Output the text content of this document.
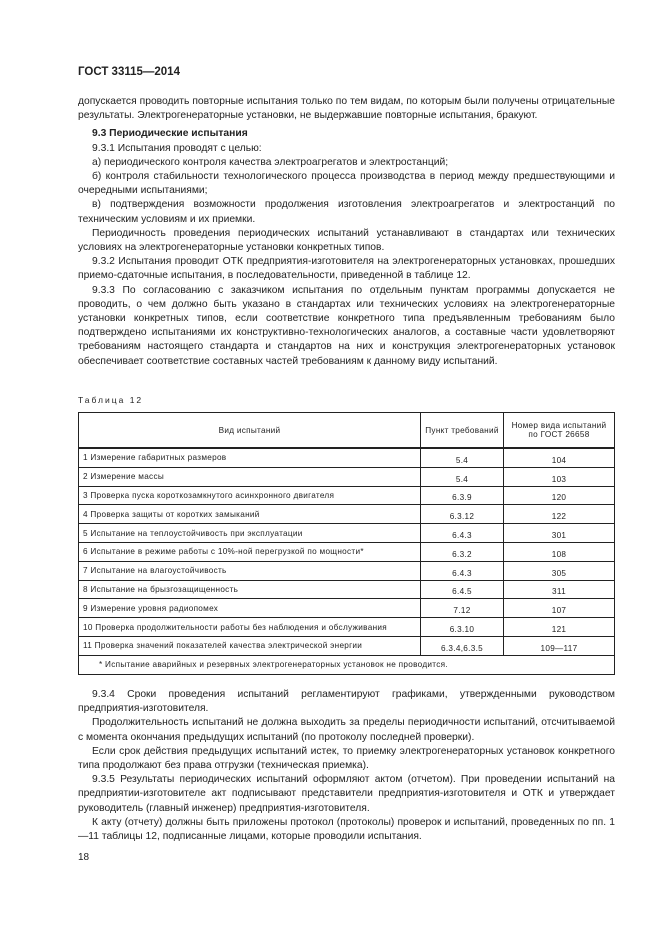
ГОСТ 33115—2014

допускается проводить повторные испытания только по тем видам, по которым были получены отрицательные результаты. Электрогенераторные установки, не выдержавшие повторные испытания, бракуют.

9.3 Периодические испытания

9.3.1 Испытания проводят с целью:

а) периодического контроля качества электроагрегатов и электростанций;

б) контроля стабильности технологического процесса производства в период между предшествующими и очередными испытаниями;

в) подтверждения возможности продолжения изготовления электроагрегатов и электростанций по техническим условиям и их приемки.

Периодичность проведения периодических испытаний устанавливают в стандартах или технических условиях на электрогенераторные установки конкретных типов.

9.3.2 Испытания проводит ОТК предприятия-изготовителя на электрогенераторных установках, прошедших приемо-сдаточные испытания, в последовательности, приведенной в таблице 12.

9.3.3 По согласованию с заказчиком испытания по отдельным пунктам программы допускается не проводить, о чем должно быть указано в стандартах или технических условиях на электрогенераторные установки конкретных типов, если соответствие конкретного типа предъявленным требованиям было подтверждено испытаниями их конструктивно-технологических аналогов, а составные части удовлетворяют требованиям настоящего стандарта и стандартов на них и конструкция электрогенераторных установок обеспечивает соответствие составных частей требованиям к данному виду испытаний.

Таблица 12
Вид испытаний	Пункт требований	Номер вида испытаний по ГОСТ 26658
1 Измерение габаритных размеров	5.4	104
2 Измерение массы	5.4	103
3 Проверка пуска короткозамкнутого асинхронного двигателя	6.3.9	120
4 Проверка защиты от коротких замыканий	6.3.12	122
5 Испытание на теплоустойчивость при эксплуатации	6.4.3	301
6 Испытание в режиме работы с 10%-ной перегрузкой по мощности*	6.3.2	108
7 Испытание на влагоустойчивость	6.4.3	305
8 Испытание на брызгозащищенность	6.4.5	311
9 Измерение уровня радиопомех	7.12	107
10 Проверка продолжительности работы без наблюдения и обслуживания	6.3.10	121
11 Проверка значений показателей качества электрической энергии	6.3.4,6.3.5	109—117
* Испытание аварийных и резервных электрогенераторных установок не проводится.		

9.3.4 Сроки проведения испытаний регламентируют графиками, утвержденными руководством предприятия-изготовителя.

Продолжительность испытаний не должна выходить за пределы периодичности испытаний, отсчитываемой с момента окончания предыдущих испытаний (по протоколу последней проверки).

Если срок действия предыдущих испытаний истек, то приемку электрогенераторных установок конкретного типа продолжают без права отгрузки (техническая приемка).

9.3.5 Результаты периодических испытаний оформляют актом (отчетом). При проведении испытаний на предприятии-изготовителе акт подписывают представители предприятия-изготовителя и ОТК и утверждает руководитель (главный инженер) предприятия-изготовителя.

К акту (отчету) должны быть приложены протокол (протоколы) проверок и испытаний, проведенных по пп. 1—11 таблицы 12, подписанные лицами, которые проводили испытания.

18
